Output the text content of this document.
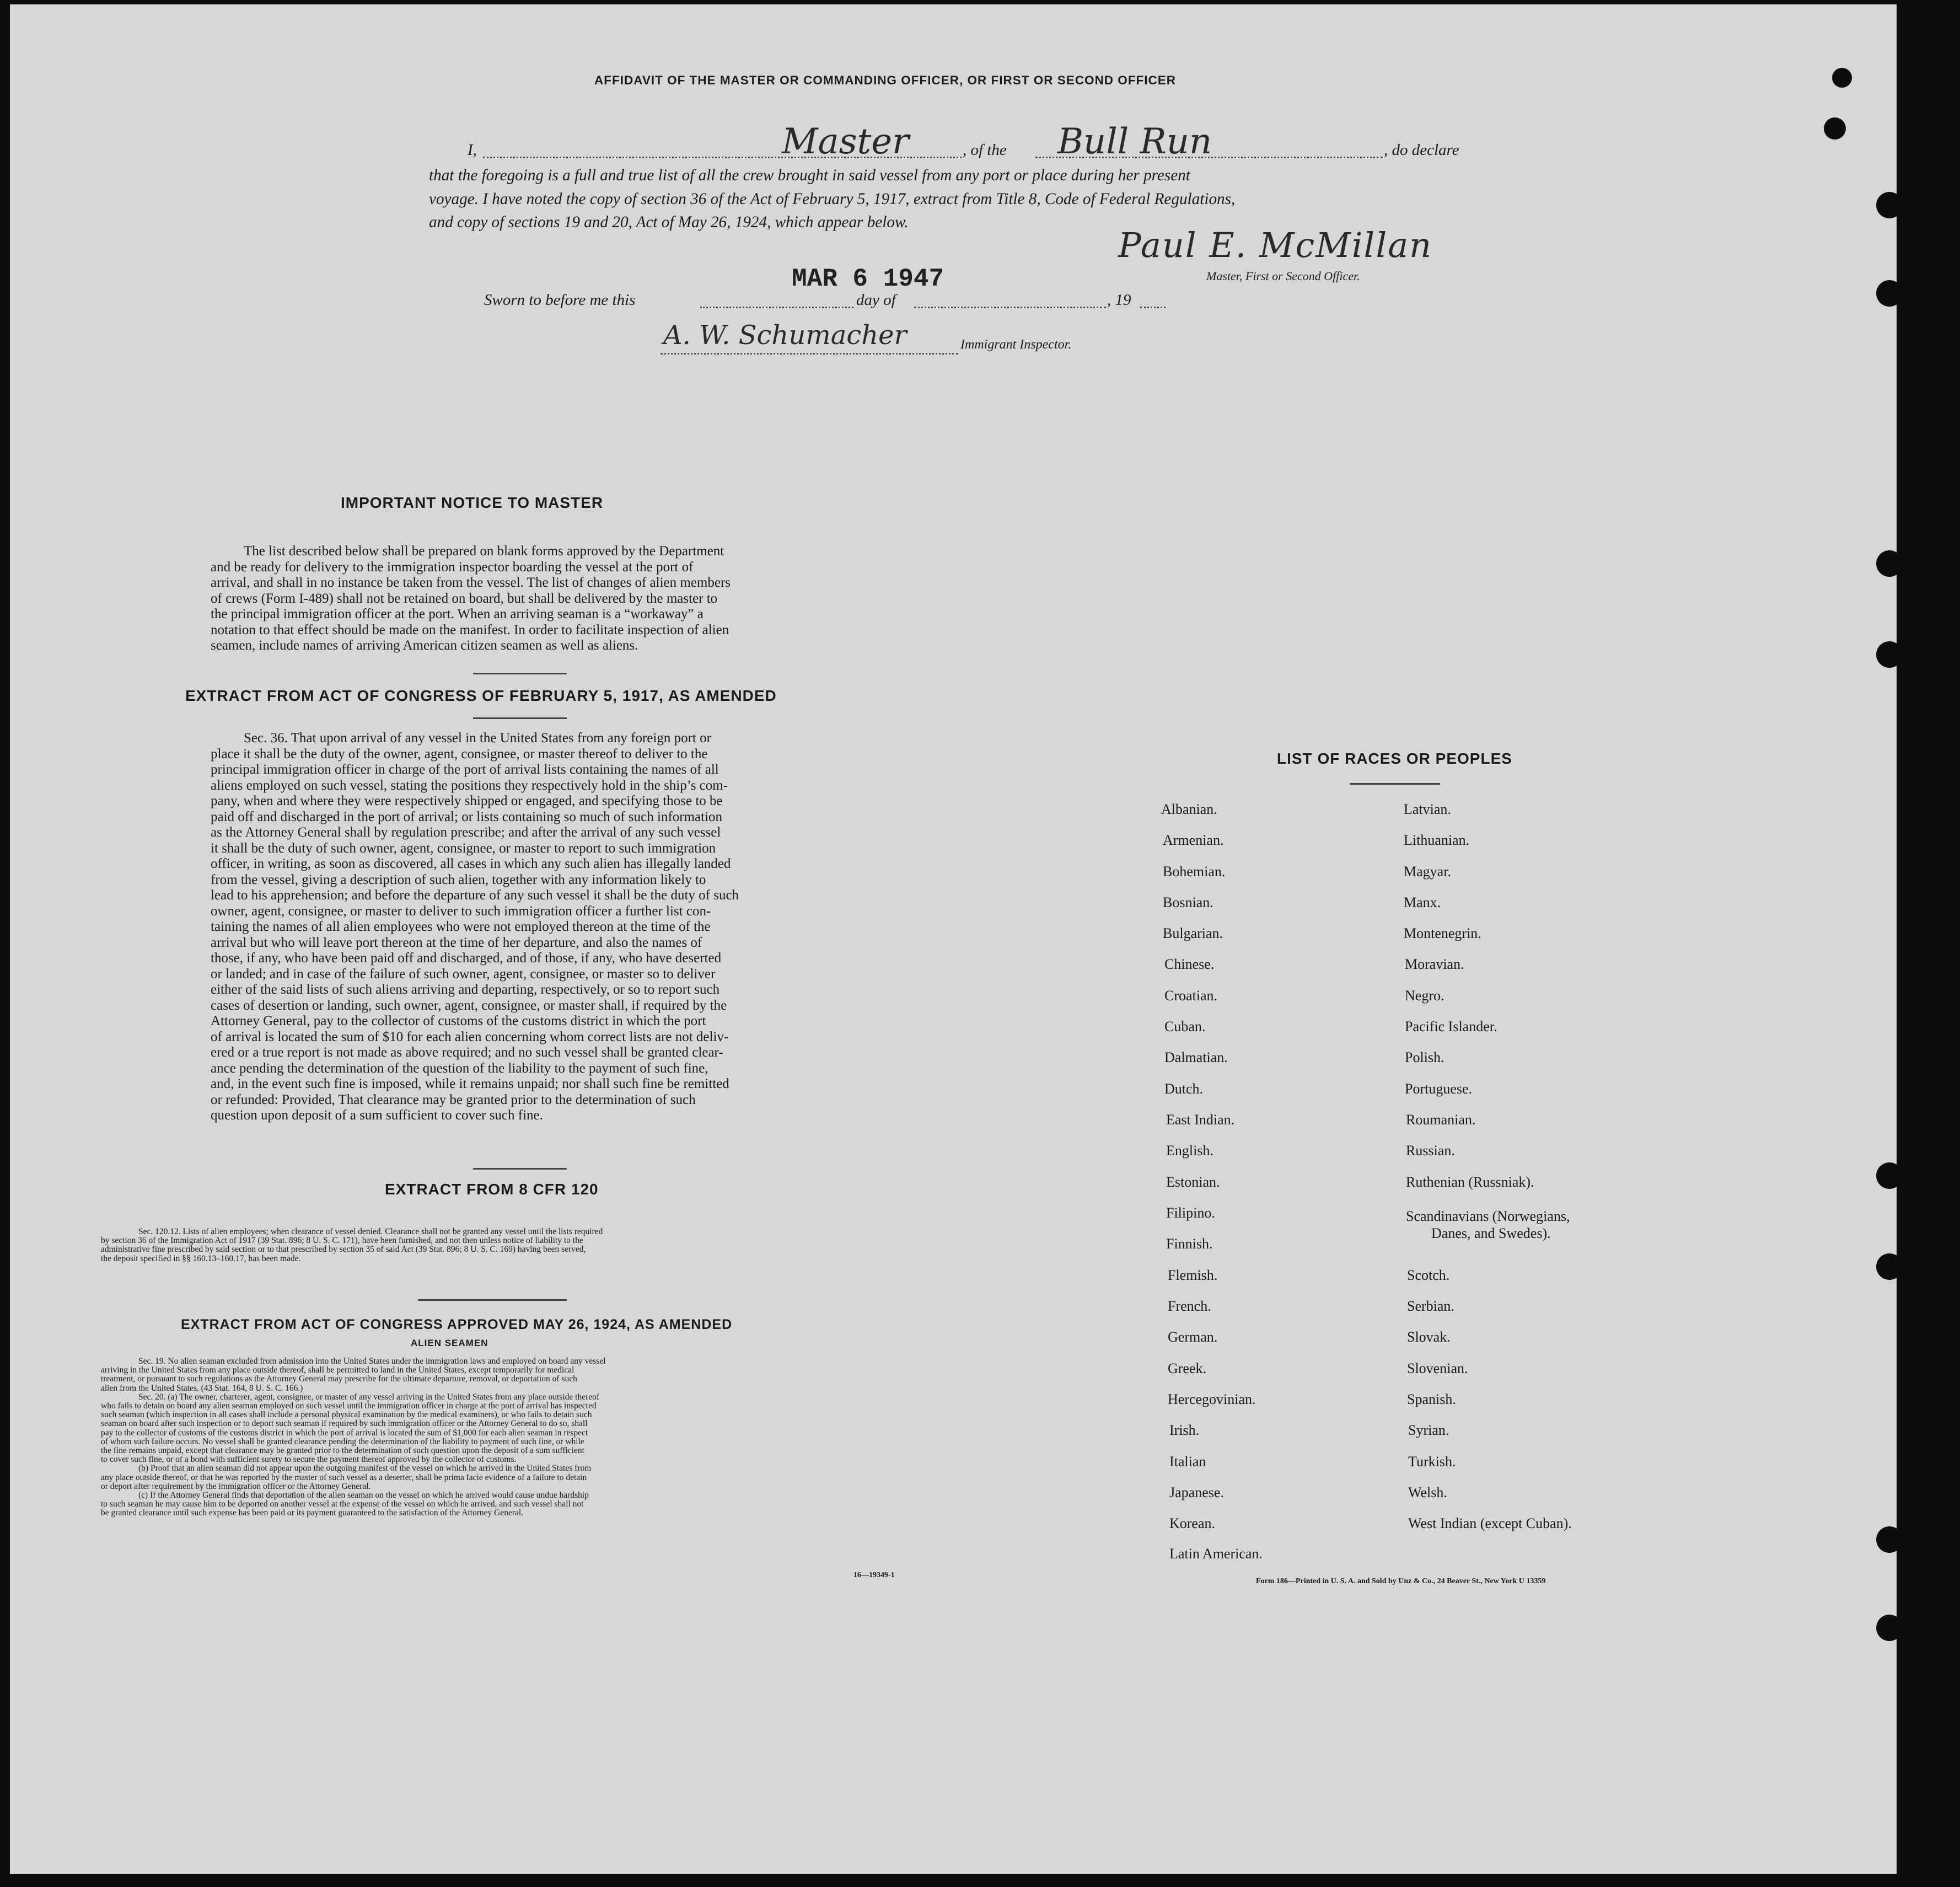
AFFIDAVIT OF THE MASTER OR COMMANDING OFFICER, OR FIRST OR SECOND OFFICER
I,	Master	, of the Bull Run	, do declare
that the foregoing is a full and true list of all the crew brought in said vessel from any port or place during her present
voyage. I have noted the copy of section 36 of the Act of February 5, 1917, extract from Title 8, Code of Federal Regulations,
and copy of sections 19 and 20, Act of May 26, 1924, which appear below.
Paul E. McMillan
Master, First or Second Officer.
MAR 6 1947
Sworn to before me this	day of	, 19
A. W. Schumacher	Immigrant Inspector.
IMPORTANT NOTICE TO MASTER
The list described below shall be prepared on blank forms approved by the Department
and be ready for delivery to the immigration inspector boarding the vessel at the port of
arrival, and shall in no instance be taken from the vessel. The list of changes of alien members
of crews (Form I-489) shall not be retained on board, but shall be delivered by the master to
the principal immigration officer at the port. When an arriving seaman is a “workaway” a
notation to that effect should be made on the manifest. In order to facilitate inspection of alien
seamen, include names of arriving American citizen seamen as well as aliens.
EXTRACT FROM ACT OF CONGRESS OF FEBRUARY 5, 1917, AS AMENDED
Sec. 36. That upon arrival of any vessel in the United States from any foreign port or
place it shall be the duty of the owner, agent, consignee, or master thereof to deliver to the
principal immigration officer in charge of the port of arrival lists containing the names of all
aliens employed on such vessel, stating the positions they respectively hold in the ship’s com-
pany, when and where they were respectively shipped or engaged, and specifying those to be
paid off and discharged in the port of arrival; or lists containing so much of such information
as the Attorney General shall by regulation prescribe; and after the arrival of any such vessel
it shall be the duty of such owner, agent, consignee, or master to report to such immigration
officer, in writing, as soon as discovered, all cases in which any such alien has illegally landed
from the vessel, giving a description of such alien, together with any information likely to
lead to his apprehension; and before the departure of any such vessel it shall be the duty of such
owner, agent, consignee, or master to deliver to such immigration officer a further list con-
taining the names of all alien employees who were not employed thereon at the time of the
arrival but who will leave port thereon at the time of her departure, and also the names of
those, if any, who have been paid off and discharged, and of those, if any, who have deserted
or landed; and in case of the failure of such owner, agent, consignee, or master so to deliver
either of the said lists of such aliens arriving and departing, respectively, or so to report such
cases of desertion or landing, such owner, agent, consignee, or master shall, if required by the
Attorney General, pay to the collector of customs of the customs district in which the port
of arrival is located the sum of $10 for each alien concerning whom correct lists are not deliv-
ered or a true report is not made as above required; and no such vessel shall be granted clear-
ance pending the determination of the question of the liability to the payment of such fine,
and, in the event such fine is imposed, while it remains unpaid; nor shall such fine be remitted
or refunded: Provided, That clearance may be granted prior to the determination of such
question upon deposit of a sum sufficient to cover such fine.
EXTRACT FROM 8 CFR 120
Sec. 120.12. Lists of alien employees; when clearance of vessel denied. Clearance shall not be granted any vessel until the lists required
by section 36 of the Immigration Act of 1917 (39 Stat. 896; 8 U. S. C. 171), have been furnished, and not then unless notice of liability to the
administrative fine prescribed by said section or to that prescribed by section 35 of said Act (39 Stat. 896; 8 U. S. C. 169) having been served,
the deposit specified in §§ 160.13–160.17, has been made.
EXTRACT FROM ACT OF CONGRESS APPROVED MAY 26, 1924, AS AMENDED
ALIEN SEAMEN
Sec. 19. No alien seaman excluded from admission into the United States under the immigration laws and employed on board any vessel
arriving in the United States from any place outside thereof, shall be permitted to land in the United States, except temporarily for medical
treatment, or pursuant to such regulations as the Attorney General may prescribe for the ultimate departure, removal, or deportation of such
alien from the United States. (43 Stat. 164, 8 U. S. C. 166.)
Sec. 20. (a) The owner, charterer, agent, consignee, or master of any vessel arriving in the United States from any place outside thereof
who fails to detain on board any alien seaman employed on such vessel until the immigration officer in charge at the port of arrival has inspected
such seaman (which inspection in all cases shall include a personal physical examination by the medical examiners), or who fails to detain such
seaman on board after such inspection or to deport such seaman if required by such immigration officer or the Attorney General to do so, shall
pay to the collector of customs of the customs district in which the port of arrival is located the sum of $1,000 for each alien seaman in respect
of whom such failure occurs. No vessel shall be granted clearance pending the determination of the liability to payment of such fine, or while
the fine remains unpaid, except that clearance may be granted prior to the determination of such question upon the deposit of a sum sufficient
to cover such fine, or of a bond with sufficient surety to secure the payment thereof approved by the collector of customs.
(b) Proof that an alien seaman did not appear upon the outgoing manifest of the vessel on which he arrived in the United States from
any place outside thereof, or that he was reported by the master of such vessel as a deserter, shall be prima facie evidence of a failure to detain
or deport after requirement by the immigration officer or the Attorney General.
(c) If the Attorney General finds that deportation of the alien seaman on the vessel on which he arrived would cause undue hardship
to such seaman he may cause him to be deported on another vessel at the expense of the vessel on which he arrived, and such vessel shall not
be granted clearance until such expense has been paid or its payment guaranteed to the satisfaction of the Attorney General.
16—19349-1
LIST OF RACES OR PEOPLES
Albanian.
Armenian.
Bohemian.
Bosnian.
Bulgarian.
Chinese.
Croatian.
Cuban.
Dalmatian.
Dutch.
East Indian.
English.
Estonian.
Filipino.
Finnish.
Flemish.
French.
German.
Greek.
Hercegovinian.
Irish.
Italian
Japanese.
Korean.
Latin American.
Latvian.
Lithuanian.
Magyar.
Manx.
Montenegrin.
Moravian.
Negro.
Pacific Islander.
Polish.
Portuguese.
Roumanian.
Russian.
Ruthenian (Russniak).
Scandinavians (Norwegians,
Danes, and Swedes).
Scotch.
Serbian.
Slovak.
Slovenian.
Spanish.
Syrian.
Turkish.
Welsh.
West Indian (except Cuban).
Form 186—Printed in U. S. A. and Sold by Unz & Co., 24 Beaver St., New York U 13359
